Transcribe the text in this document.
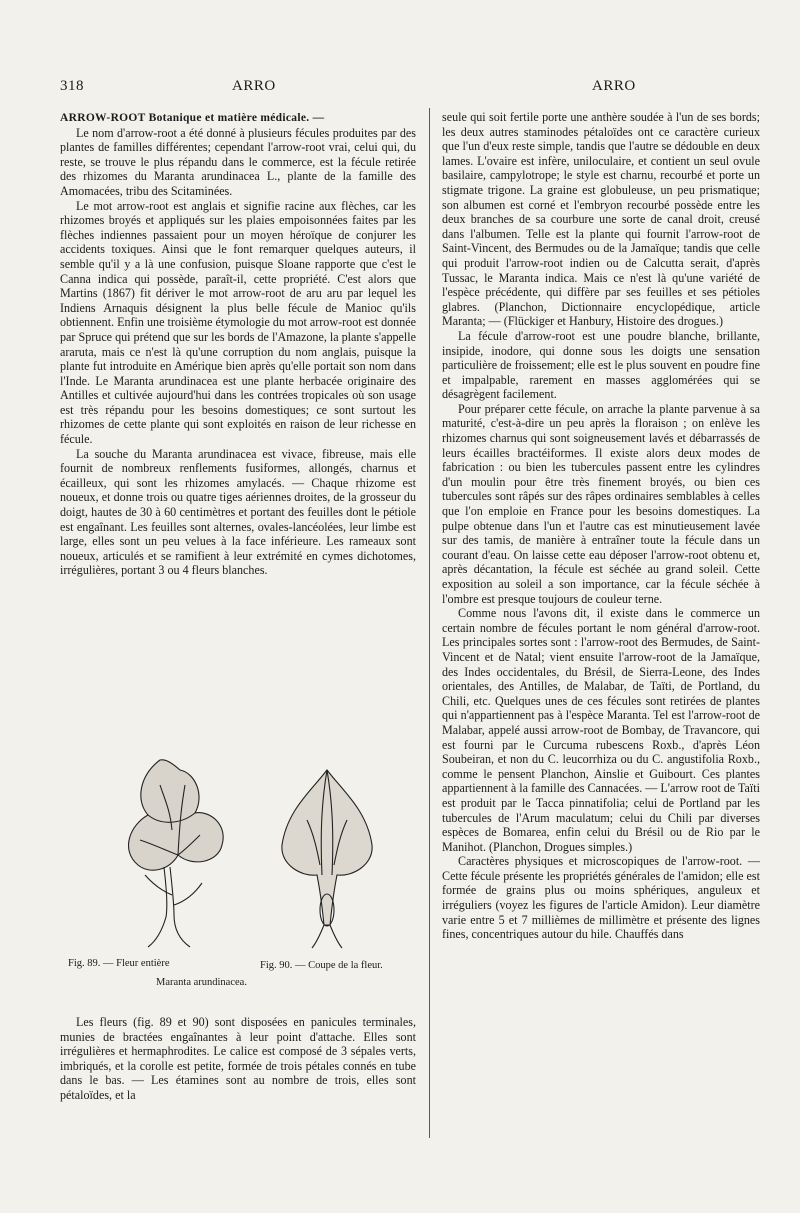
318	ARRO	ARRO

ARROW-ROOT Botanique et matière médicale. —

Le nom d'arrow-root a été donné à plusieurs fécules produites par des plantes de familles différentes; cependant l'arrow-root vrai, celui qui, du reste, se trouve le plus répandu dans le commerce, est la fécule retirée des rhizomes du Maranta arundinacea L., plante de la famille des Amomacées, tribu des Scitaminées.

Le mot arrow-root est anglais et signifie racine aux flèches, car les rhizomes broyés et appliqués sur les plaies empoisonnées faites par les flèches indiennes passaient pour un moyen héroïque de conjurer les accidents toxiques. Ainsi que le font remarquer quelques auteurs, il semble qu'il y a là une confusion, puisque Sloane rapporte que c'est le Canna indica qui possède, paraît-il, cette propriété. C'est alors que Martins (1867) fit dériver le mot arrow-root de aru aru par lequel les Indiens Arnaquis désignent la plus belle fécule de Manioc qu'ils obtiennent. Enfin une troisième étymologie du mot arrow-root est donnée par Spruce qui prétend que sur les bords de l'Amazone, la plante s'appelle araruta, mais ce n'est là qu'une corruption du nom anglais, puisque la plante fut introduite en Amérique bien après qu'elle portait son nom dans l'Inde. Le Maranta arundinacea est une plante herbacée originaire des Antilles et cultivée aujourd'hui dans les contrées tropicales où son usage est très répandu pour les besoins domestiques; ce sont surtout les rhizomes de cette plante qui sont exploités en raison de leur richesse en fécule.

La souche du Maranta arundinacea est vivace, fibreuse, mais elle fournit de nombreux renflements fusiformes, allongés, charnus et écailleux, qui sont les rhizomes amylacés. — Chaque rhizome est noueux, et donne trois ou quatre tiges aériennes droites, de la grosseur du doigt, hautes de 30 à 60 centimètres et portant des feuilles dont le pétiole est engaînant. Les feuilles sont alternes, ovales-lancéolées, leur limbe est large, elles sont un peu velues à la face inférieure. Les rameaux sont noueux, articulés et se ramifient à leur extrémité en cymes dichotomes, irrégulières, portant 3 ou 4 fleurs blanches.

Fig. 89. — Fleur entière	Fig. 90. — Coupe de la fleur.
Maranta arundinacea.

Les fleurs (fig. 89 et 90) sont disposées en panicules terminales, munies de bractées engaînantes à leur point d'attache. Elles sont irrégulières et hermaphrodites. Le calice est composé de 3 sépales verts, imbriqués, et la corolle est petite, formée de trois pétales connés en tube dans le bas. — Les étamines sont au nombre de trois, elles sont pétaloïdes, et la

seule qui soit fertile porte une anthère soudée à l'un de ses bords; les deux autres staminodes pétaloïdes ont ce caractère curieux que l'un d'eux reste simple, tandis que l'autre se dédouble en deux lames. L'ovaire est infère, uniloculaire, et contient un seul ovule basilaire, campylotrope; le style est charnu, recourbé et porte un stigmate trigone. La graine est globuleuse, un peu prismatique; son albumen est corné et l'embryon recourbé possède entre les deux branches de sa courbure une sorte de canal droit, creusé dans l'albumen. Telle est la plante qui fournit l'arrow-root de Saint-Vincent, des Bermudes ou de la Jamaïque; tandis que celle qui produit l'arrow-root indien ou de Calcutta serait, d'après Tussac, le Maranta indica. Mais ce n'est là qu'une variété de l'espèce précédente, qui diffère par ses feuilles et ses pétioles glabres. (Planchon, Dictionnaire encyclopédique, article Maranta; — (Flückiger et Hanbury, Histoire des drogues.)

La fécule d'arrow-root est une poudre blanche, brillante, insipide, inodore, qui donne sous les doigts une sensation particulière de froissement; elle est le plus souvent en poudre fine et impalpable, rarement en masses agglomérées qui se désagrègent facilement.

Pour préparer cette fécule, on arrache la plante parvenue à sa maturité, c'est-à-dire un peu après la floraison ; on enlève les rhizomes charnus qui sont soigneusement lavés et débarrassés de leurs écailles bractéiformes. Il existe alors deux modes de fabrication : ou bien les tubercules passent entre les cylindres d'un moulin pour être très finement broyés, ou bien ces tubercules sont râpés sur des râpes ordinaires semblables à celles que l'on emploie en France pour les besoins domestiques. La pulpe obtenue dans l'un et l'autre cas est minutieusement lavée sur des tamis, de manière à entraîner toute la fécule dans un courant d'eau. On laisse cette eau déposer l'arrow-root obtenu et, après décantation, la fécule est séchée au grand soleil. Cette exposition au soleil a son importance, car la fécule séchée à l'ombre est presque toujours de couleur terne.

Comme nous l'avons dit, il existe dans le commerce un certain nombre de fécules portant le nom général d'arrow-root. Les principales sortes sont : l'arrow-root des Bermudes, de Saint-Vincent et de Natal; vient ensuite l'arrow-root de la Jamaïque, des Indes occidentales, du Brésil, de Sierra-Leone, des Indes orientales, des Antilles, de Malabar, de Taïti, de Portland, du Chili, etc. Quelques unes de ces fécules sont retirées de plantes qui n'appartiennent pas à l'espèce Maranta. Tel est l'arrow-root de Malabar, appelé aussi arrow-root de Bombay, de Travancore, qui est fourni par le Curcuma rubescens Roxb., d'après Léon Soubeiran, et non du C. leucorrhiza ou du C. angustifolia Roxb., comme le pensent Planchon, Ainslie et Guibourt. Ces plantes appartiennent à la famille des Cannacées. — L'arrow root de Taïti est produit par le Tacca pinnatifolia; celui de Portland par les tubercules de l'Arum maculatum; celui du Chili par diverses espèces de Bomarea, enfin celui du Brésil ou de Rio par le Manihot. (Planchon, Drogues simples.)

Caractères physiques et microscopiques de l'arrow-root. — Cette fécule présente les propriétés générales de l'amidon; elle est formée de grains plus ou moins sphériques, anguleux et irréguliers (voyez les figures de l'article Amidon). Leur diamètre varie entre 5 et 7 millièmes de millimètre et présente des lignes fines, concentriques autour du hile. Chauffés dans
